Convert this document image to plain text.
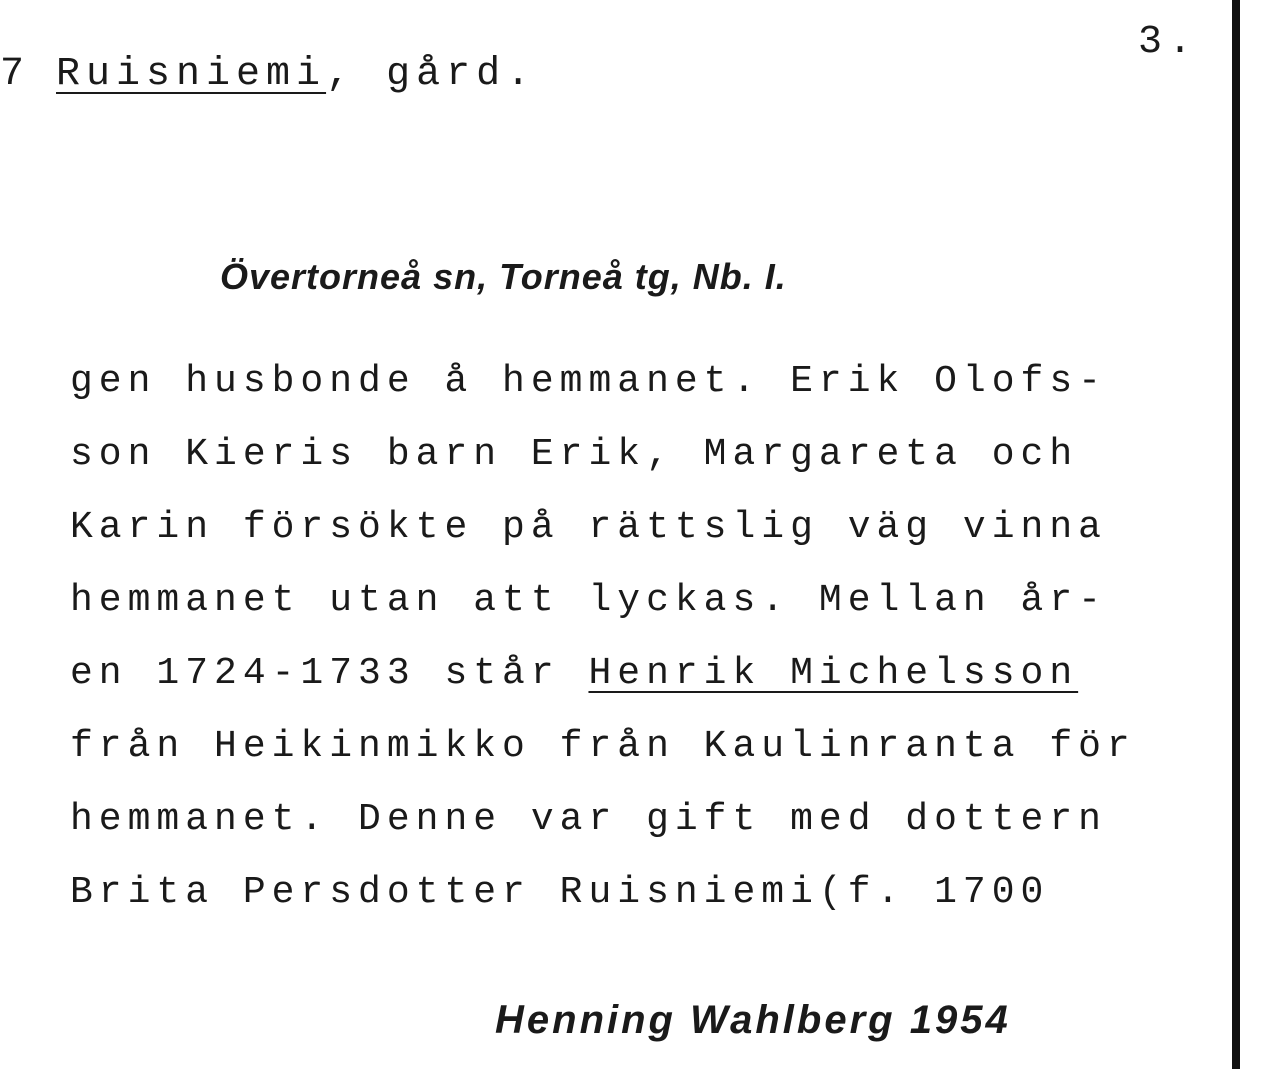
7 Ruisniemi, gård.
3.
Övertorneå sn, Torneå tg, Nb. I.
gen husbonde å hemmanet. Erik Olofs-
son Kieris barn Erik, Margareta och
Karin försökte på rättslig väg vinna
hemmanet utan att lyckas. Mellan år-
en 1724-1733 står Henrik Michelsson
från Heikinmikko från Kaulinranta för
hemmanet. Denne var gift med dottern
Brita Persdotter Ruisniemi(f. 1700
Henning Wahlberg 1954
